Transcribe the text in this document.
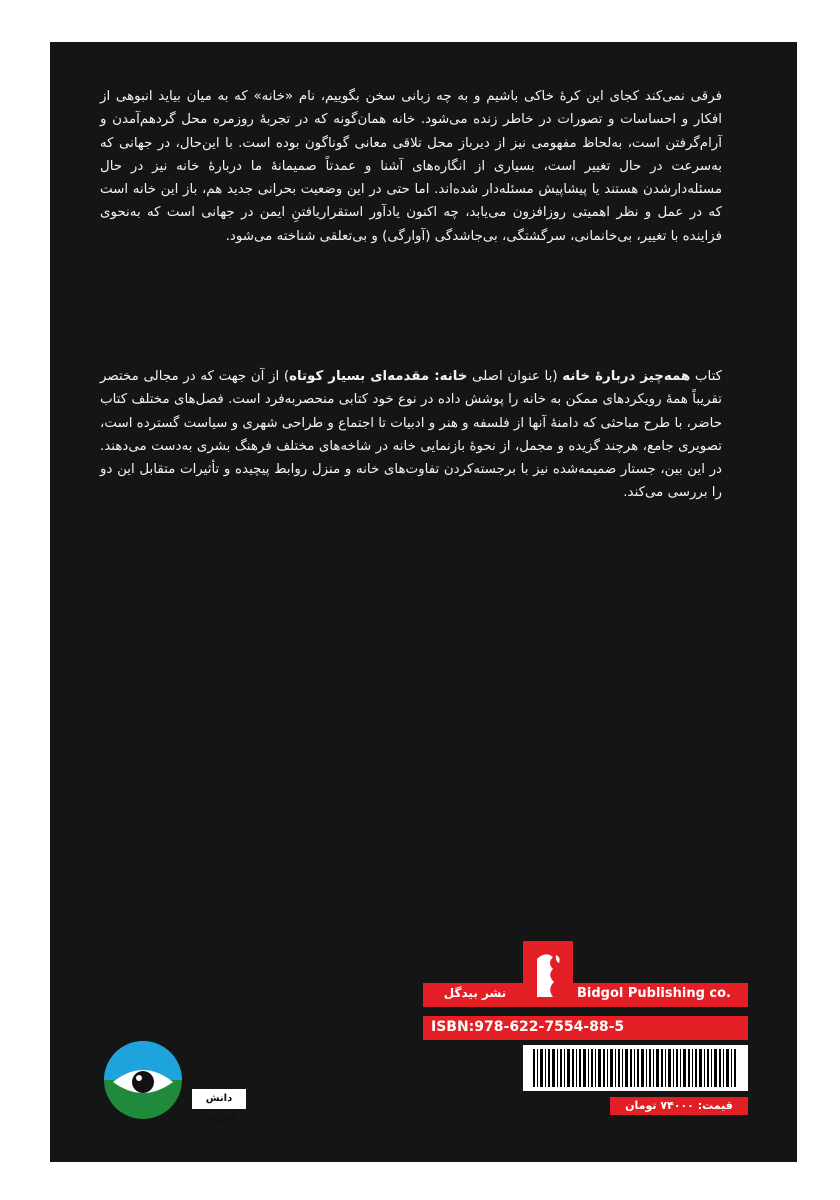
فرقی نمی‌کند کجای این کرهٔ خاکی باشیم و به چه زبانی سخن بگوییم، نام «خانه» که به میان بیاید انبوهی از افکار و احساسات و تصورات در خاطر زنده می‌شود. خانه همان‌گونه که در تجربهٔ روزمره محل گرد‌هم‌آمدن و آرام‌گرفتن است، به‌لحاظ مفهومی نیز از دیرباز محل تلاقی معانی گوناگون بوده است. با این‌حال، در جهانی که به‌سرعت در حال تغییر است، بسیاری از انگاره‌های آشنا و عمدتاً صمیمانهٔ ما دربارهٔ خانه نیز در حال مسئله‌دارشدن هستند یا پیشاپیش مسئله‌دار شده‌اند. اما حتی در این وضعیت بحرانی جدید هم، باز این خانه است که در عمل و نظر اهمیتی روزافزون می‌یابد، چه اکنون یادآور استقراریافتنِ ایمن در جهانی است که به‌نحوی فزاینده با تغییر، بی‌خانمانی، سرگشتگی، بی‌جاشدگی (آوارگی) و بی‌تعلقی شناخته می‌شود.

کتاب همه‌چیز دربارهٔ خانه (با عنوان اصلی خانه: مقدمه‌ای بسیار کوتاه) از آن جهت که در مجالی مختصر تقریباً همهٔ رویکردهای ممکن به خانه را پوشش داده در نوع خود کتابی منحصربه‌فرد است. فصل‌های مختلف کتاب حاضر، با طرح مباحثی که دامنهٔ آنها از فلسفه و هنر و ادبیات تا اجتماع و طراحی شهری و سیاست گسترده است، تصویری جامع، هرچند گزیده و مجمل، از نحوهٔ بازنمایی خانه در شاخه‌های مختلف فرهنگ بشری به‌دست می‌دهند. در این بین، جستار ضمیمه‌شده نیز با برجسته‌کردن تفاوت‌های خانه و منزل روابط پیچیده و تأثیرات متقابل این دو را بررسی می‌کند.

نشر بیدگل	Bidgol Publishing co.
ISBN:978-622-7554-88-5
قیمت: ۷۴۰۰۰ تومان
دانش عمومی
